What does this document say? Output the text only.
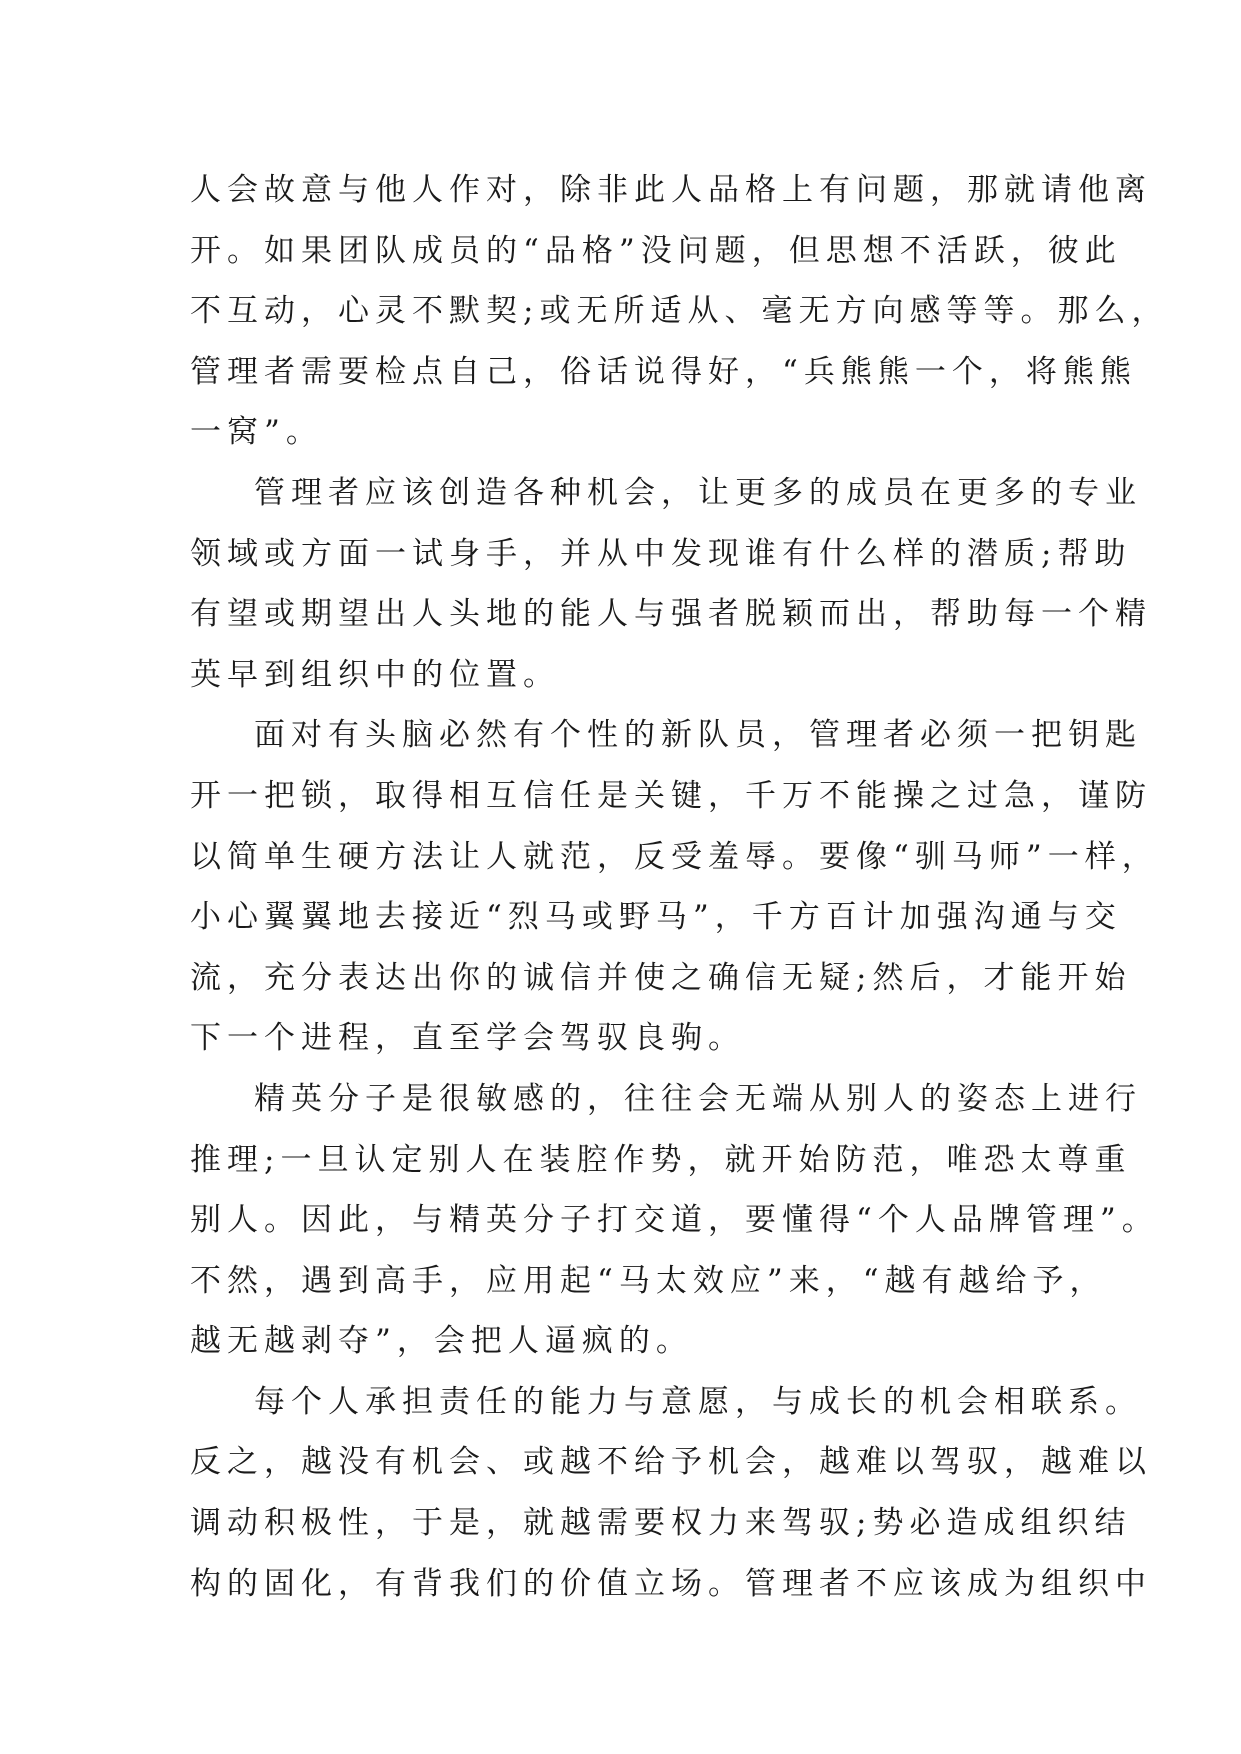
人会故意与他人作对，除非此人品格上有问题，那就请他离
开。如果团队成员的“品格”没问题，但思想不活跃，彼此
不互动，心灵不默契;或无所适从、毫无方向感等等。那么，
管理者需要检点自己，俗话说得好，“兵熊熊一个，将熊熊
一窝”。
管理者应该创造各种机会，让更多的成员在更多的专业
领域或方面一试身手，并从中发现谁有什么样的潜质;帮助
有望或期望出人头地的能人与强者脱颖而出，帮助每一个精
英早到组织中的位置。
面对有头脑必然有个性的新队员，管理者必须一把钥匙
开一把锁，取得相互信任是关键，千万不能操之过急，谨防
以简单生硬方法让人就范，反受羞辱。要像“驯马师”一样，
小心翼翼地去接近“烈马或野马”，千方百计加强沟通与交
流，充分表达出你的诚信并使之确信无疑;然后，才能开始
下一个进程，直至学会驾驭良驹。
精英分子是很敏感的，往往会无端从别人的姿态上进行
推理;一旦认定别人在装腔作势，就开始防范，唯恐太尊重
别人。因此，与精英分子打交道，要懂得“个人品牌管理”。
不然，遇到高手，应用起“马太效应”来，“越有越给予，
越无越剥夺”，会把人逼疯的。
每个人承担责任的能力与意愿，与成长的机会相联系。
反之，越没有机会、或越不给予机会，越难以驾驭，越难以
调动积极性，于是，就越需要权力来驾驭;势必造成组织结
构的固化，有背我们的价值立场。管理者不应该成为组织中
